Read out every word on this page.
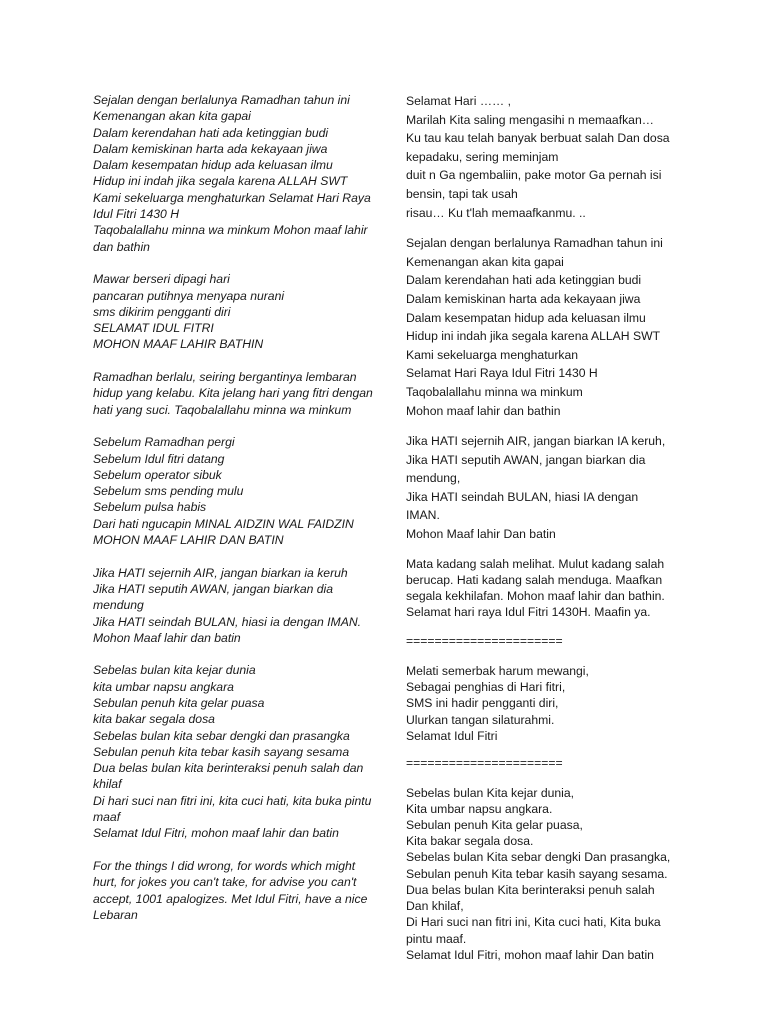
Sejalan dengan berlalunya Ramadhan tahun ini
Kemenangan akan kita gapai
Dalam kerendahan hati ada ketinggian budi
Dalam kemiskinan harta ada kekayaan jiwa
Dalam kesempatan hidup ada keluasan ilmu
Hidup ini indah jika segala karena ALLAH SWT
Kami sekeluarga menghaturkan Selamat Hari Raya Idul Fitri 1430 H
Taqobalallahu minna wa minkum Mohon maaf lahir dan bathin
Mawar berseri dipagi hari
pancaran putihnya menyapa nurani
sms dikirim pengganti diri
SELAMAT IDUL FITRI
MOHON MAAF LAHIR BATHIN
Ramadhan berlalu, seiring bergantinya lembaran hidup yang kelabu. Kita jelang hari yang fitri dengan hati yang suci. Taqobalallahu minna wa minkum
Sebelum Ramadhan pergi
Sebelum Idul fitri datang
Sebelum operator sibuk
Sebelum sms pending mulu
Sebelum pulsa habis
Dari hati ngucapin MINAL AIDZIN WAL FAIDZIN
MOHON MAAF LAHIR DAN BATIN
Jika HATI sejernih AIR, jangan biarkan ia keruh
Jika HATI seputih AWAN, jangan biarkan dia mendung
Jika HATI seindah BULAN, hiasi ia dengan IMAN.
Mohon Maaf lahir dan batin
Sebelas bulan kita kejar dunia
kita umbar napsu angkara
Sebulan penuh kita gelar puasa
kita bakar segala dosa
Sebelas bulan kita sebar dengki dan prasangka
Sebulan penuh kita tebar kasih sayang sesama
Dua belas bulan kita berinteraksi penuh salah dan khilaf
Di hari suci nan fitri ini, kita cuci hati, kita buka pintu maaf
Selamat Idul Fitri, mohon maaf lahir dan batin
For the things I did wrong, for words which might hurt, for jokes you can't take, for advise you can't accept, 1001 apalogizes. Met Idul Fitri, have a nice Lebaran
Selamat Hari …… ,
Marilah Kita saling mengasihi n memaafkan…
Ku tau kau telah banyak berbuat salah Dan dosa kepadaku, sering meminjam
duit n Ga ngembaliin, pake motor Ga pernah isi bensin, tapi tak usah
risau… Ku t'lah memaafkanmu. ..
Sejalan dengan berlalunya Ramadhan tahun ini
Kemenangan akan kita gapai
Dalam kerendahan hati ada ketinggian budi
Dalam kemiskinan harta ada kekayaan jiwa
Dalam kesempatan hidup ada keluasan ilmu
Hidup ini indah jika segala karena ALLAH SWT
Kami sekeluarga menghaturkan
Selamat Hari Raya Idul Fitri 1430 H
Taqobalallahu minna wa minkum
Mohon maaf lahir dan bathin
Jika HATI sejernih AIR, jangan biarkan IA keruh,
Jika HATI seputih AWAN, jangan biarkan dia mendung,
Jika HATI seindah BULAN, hiasi IA dengan IMAN.
Mohon Maaf lahir Dan batin
Mata kadang salah melihat. Mulut kadang salah berucap. Hati kadang salah menduga. Maafkan segala kekhilafan. Mohon maaf lahir dan bathin. Selamat hari raya Idul Fitri 1430H. Maafin ya.
======================
Melati semerbak harum mewangi,
Sebagai penghias di Hari fitri,
SMS ini hadir pengganti diri,
Ulurkan tangan silaturahmi.
Selamat Idul Fitri
======================
Sebelas bulan Kita kejar dunia,
Kita umbar napsu angkara.
Sebulan penuh Kita gelar puasa,
Kita bakar segala dosa.
Sebelas bulan Kita sebar dengki Dan prasangka,
Sebulan penuh Kita tebar kasih sayang sesama.
Dua belas bulan Kita berinteraksi penuh salah Dan khilaf,
Di Hari suci nan fitri ini, Kita cuci hati, Kita buka pintu maaf.
Selamat Idul Fitri, mohon maaf lahir Dan batin
